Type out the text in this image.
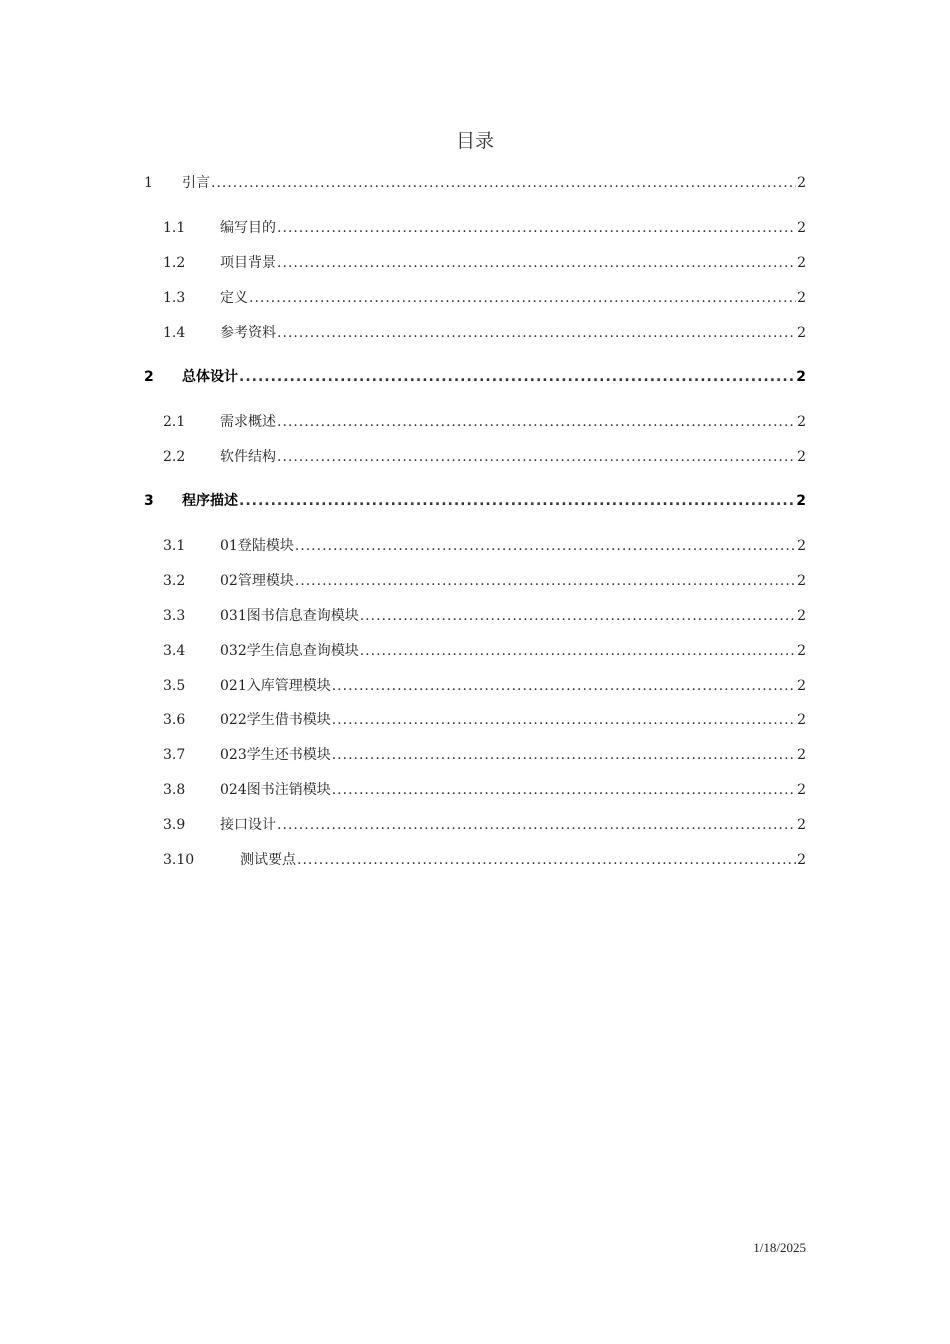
目录
1 引言 .....	2
1.1 编写目的 .....	2
1.2 项目背景 .....	2
1.3 定义 .....	2
1.4 参考资料 .....	2
2 总体设计 .....	2
2.1 需求概述 .....	2
2.2 软件结构 .....	2
3 程序描述 .....	2
3.1 01登陆模块 .....	2
3.2 02管理模块 .....	2
3.3 031图书信息查询模块 .....	2
3.4 032学生信息查询模块 .....	2
3.5 021入库管理模块 .....	2
3.6 022学生借书模块 .....	2
3.7 023学生还书模块 .....	2
3.8 024图书注销模块 .....	2
3.9 接口设计 .....	2
3.10	测试要点 .....	2
1/18/2025
